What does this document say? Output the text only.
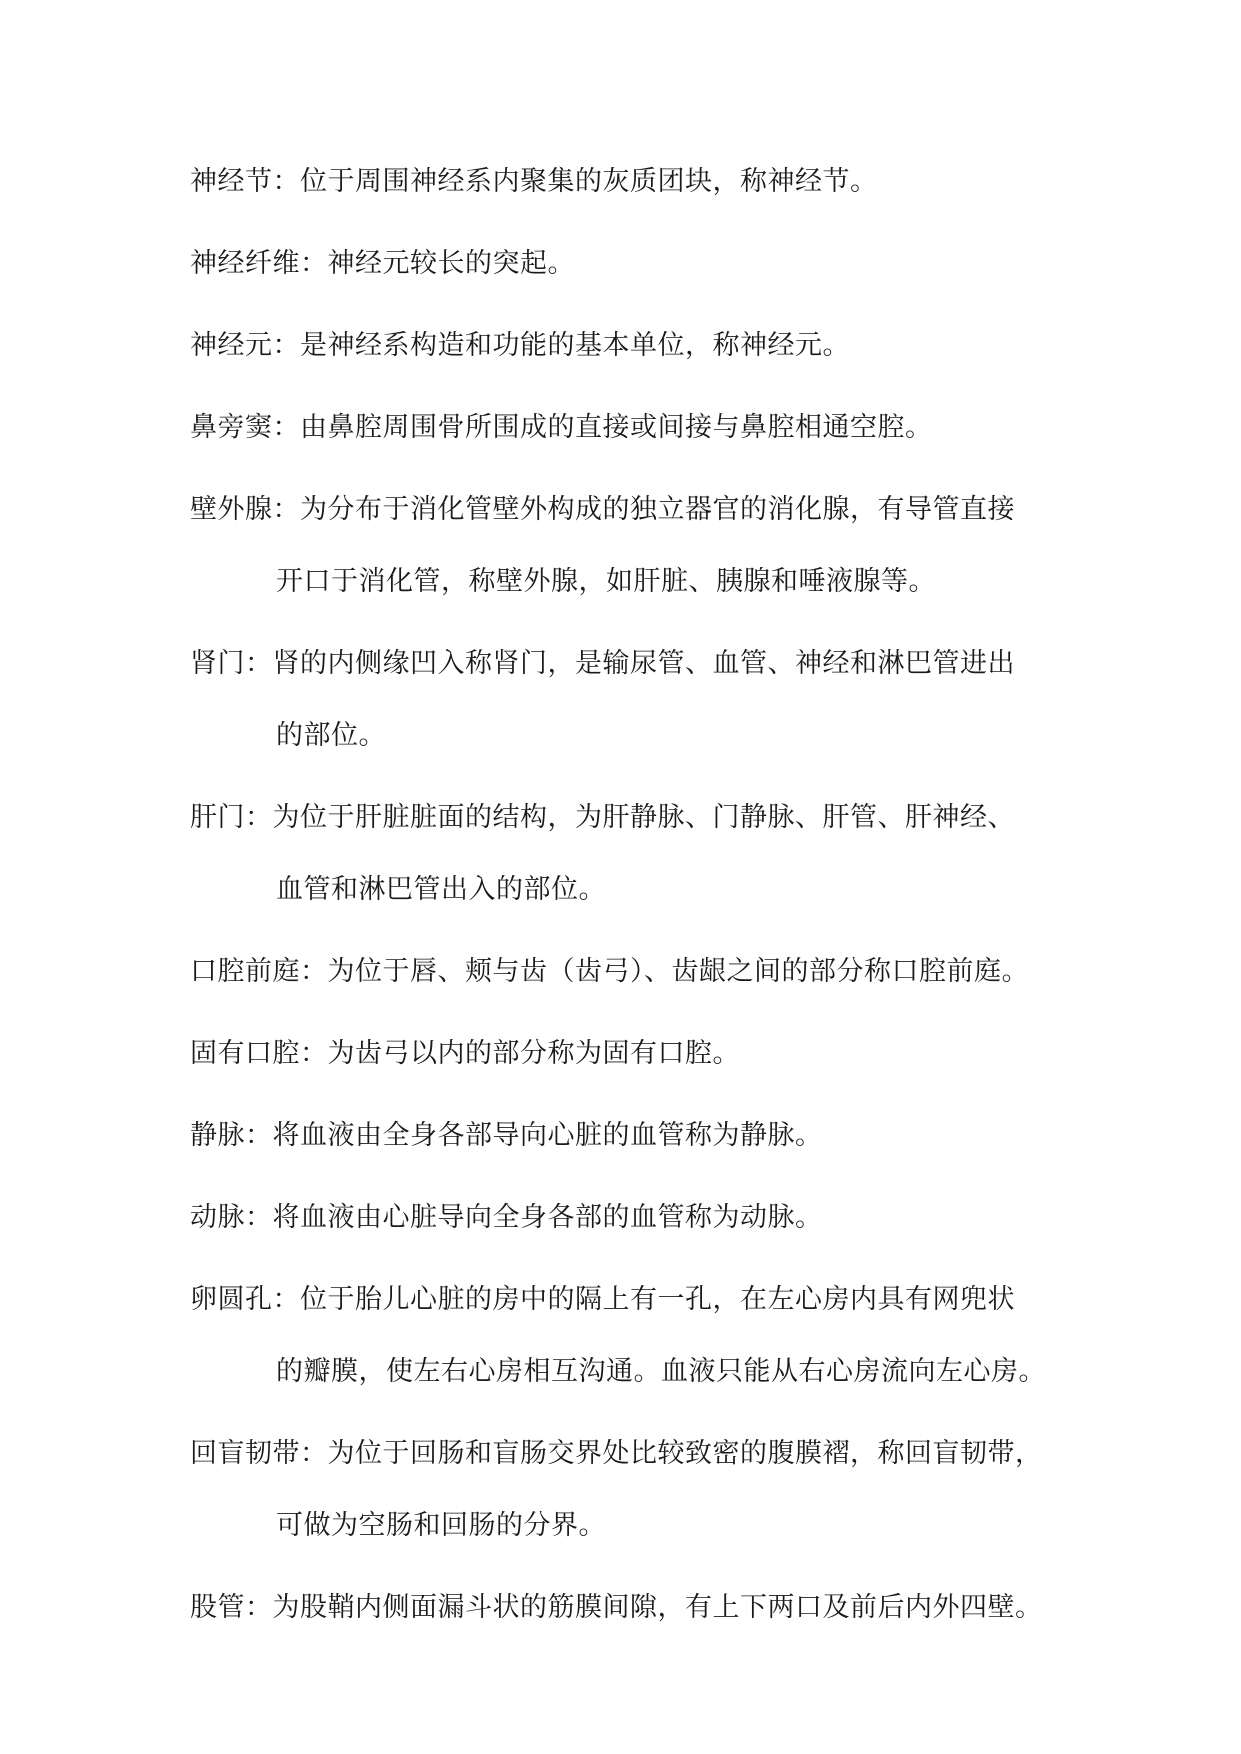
神经节：位于周围神经系内聚集的灰质团块，称神经节。
神经纤维：神经元较长的突起。
神经元：是神经系构造和功能的基本单位，称神经元。
鼻旁窦：由鼻腔周围骨所围成的直接或间接与鼻腔相通空腔。
壁外腺：为分布于消化管壁外构成的独立器官的消化腺，有导管直接
开口于消化管，称壁外腺，如肝脏、胰腺和唾液腺等。
肾门：肾的内侧缘凹入称肾门，是输尿管、血管、神经和淋巴管进出
的部位。
肝门：为位于肝脏脏面的结构，为肝静脉、门静脉、肝管、肝神经、
血管和淋巴管出入的部位。
口腔前庭：为位于唇、颊与齿（齿弓）、齿龈之间的部分称口腔前庭。
固有口腔：为齿弓以内的部分称为固有口腔。
静脉：将血液由全身各部导向心脏的血管称为静脉。
动脉：将血液由心脏导向全身各部的血管称为动脉。
卵圆孔：位于胎儿心脏的房中的隔上有一孔，在左心房内具有网兜状
的瓣膜，使左右心房相互沟通。血液只能从右心房流向左心房。
回盲韧带：为位于回肠和盲肠交界处比较致密的腹膜褶，称回盲韧带，
可做为空肠和回肠的分界。
股管：为股鞘内侧面漏斗状的筋膜间隙，有上下两口及前后内外四壁。
